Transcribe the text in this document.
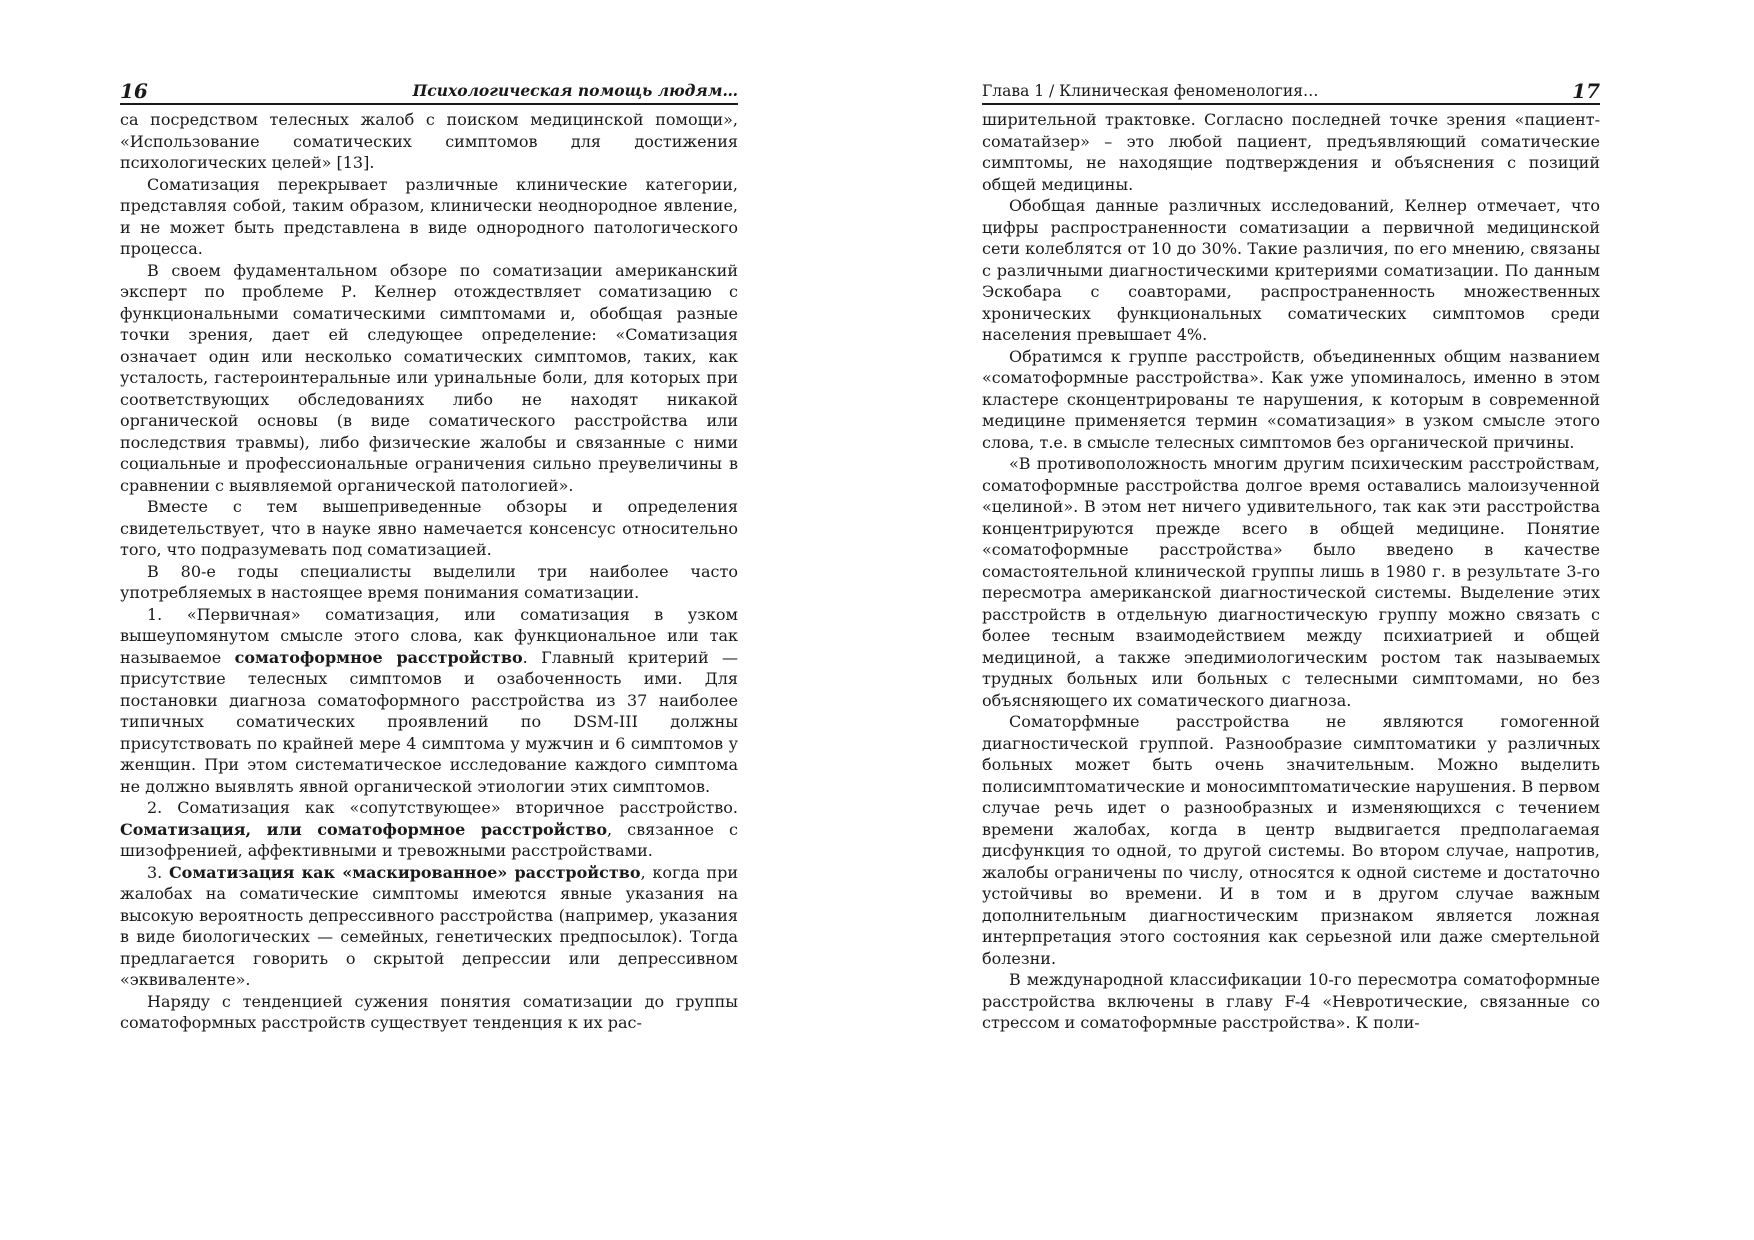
16	Психологическая помощь людям…

са посредством телесных жалоб с поиском медицинской помощи», «Использование соматических симптомов для достижения психологических целей» [13].

Соматизация перекрывает различные клинические категории, представляя собой, таким образом, клинически неоднородное явление, и не может быть представлена в виде однородного патологического процесса.

В своем фудаментальном обзоре по соматизации американский эксперт по проблеме Р. Келнер отождествляет соматизацию с функциональными соматическими симптомами и, обобщая разные точки зрения, дает ей следующее определение: «Соматизация означает один или несколько соматических симптомов, таких, как усталость, гастероинтеральные или уринальные боли, для которых при соответствующих обследованиях либо не находят никакой органической основы (в виде соматического расстройства или последствия травмы), либо физические жалобы и связанные с ними социальные и профессиональные ограничения сильно преувеличины в сравнении с выявляемой органической патологией».

Вместе с тем вышеприведенные обзоры и определения свидетельствует, что в науке явно намечается консенсус относительно того, что подразумевать под соматизацией.

В 80-е годы специалисты выделили три наиболее часто употребляемых в настоящее время понимания соматизации.

1. «Первичная» соматизация, или соматизация в узком вышеупомянутом смысле этого слова, как функциональное или так называемое соматоформное расстройство. Главный критерий — присутствие телесных симптомов и озабоченность ими. Для постановки диагноза соматоформного расстройства из 37 наиболее типичных соматических проявлений по DSM-III должны присутствовать по крайней мере 4 симптома у мужчин и 6 симптомов у женщин. При этом систематическое исследование каждого симптома не должно выявлять явной органической этиологии этих симптомов.

2. Соматизация как «сопутствующее» вторичное расстройство. Соматизация, или соматоформное расстройство, связанное с шизофренией, аффективными и тревожными расстройствами.

3. Соматизация как «маскированное» расстройство, когда при жалобах на соматические симптомы имеются явные указания на высокую вероятность депрессивного расстройства (например, указания в виде биологических — семейных, генетических предпосылок). Тогда предлагается говорить о скрытой депрессии или депрессивном «эквиваленте».

Наряду с тенденцией сужения понятия соматизации до группы соматоформных расстройств существует тенденция к их рас-

Глава 1 / Клиническая феноменология…	17

ширительной трактовке. Согласно последней точке зрения «пациент-соматайзер» – это любой пациент, предъявляющий соматические симптомы, не находящие подтверждения и объяснения с позиций общей медицины.

Обобщая данные различных исследований, Келнер отмечает, что цифры распространенности соматизации а первичной медицинской сети колеблятся от 10 до 30%. Такие различия, по его мнению, связаны с различными диагностическими критериями соматизации. По данным Эскобара с соавторами, распространенность множественных хронических функциональных соматических симптомов среди населения превышает 4%.

Обратимся к группе расстройств, объединенных общим названием «соматоформные расстройства». Как уже упоминалось, именно в этом кластере сконцентрированы те нарушения, к которым в современной медицине применяется термин «соматизация» в узком смысле этого слова, т.е. в смысле телесных симптомов без органической причины.

«В противоположность многим другим психическим расстройствам, соматоформные расстройства долгое время оставались малоизученной «целиной». В этом нет ничего удивительного, так как эти расстройства концентрируются прежде всего в общей медицине. Понятие «соматоформные расстройства» было введено в качестве сомастоятельной клинической группы лишь в 1980 г. в результате 3-го пересмотра американской диагностической системы. Выделение этих расстройств в отдельную диагностическую группу можно связать с более тесным взаимодействием между психиатрией и общей медициной, а также эпедимиологическим ростом так называемых трудных больных или больных с телесными симптомами, но без объясняющего их соматического диагноза.

Соматорфмные расстройства не являются гомогенной диагностической группой. Разнообразие симптоматики у различных больных может быть очень значительным. Можно выделить полисимптоматические и моносимптоматические нарушения. В первом случае речь идет о разнообразных и изменяющихся с течением времени жалобах, когда в центр выдвигается предполагаемая дисфункция то одной, то другой системы. Во втором случае, напротив, жалобы ограничены по числу, относятся к одной системе и достаточно устойчивы во времени. И в том и в другом случае важным дополнительным диагностическим признаком является ложная интерпретация этого состояния как серьезной или даже смертельной болезни.

В международной классификации 10-го пересмотра соматоформные расстройства включены в главу F-4 «Невротические, связанные со стрессом и соматоформные расстройства». К поли-
